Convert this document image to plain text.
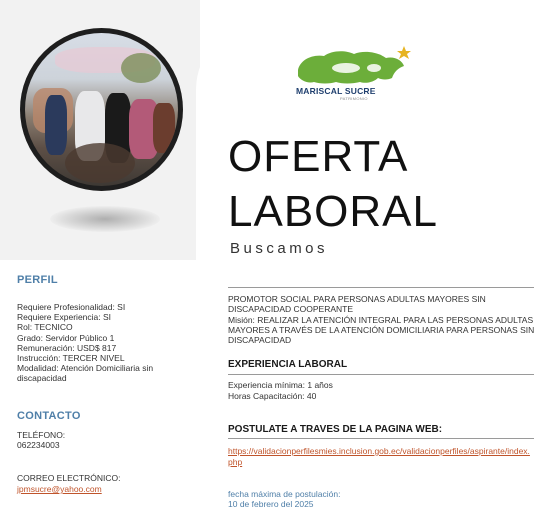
PERFIL
Requiere Profesionalidad: SI
Requiere Experiencia: SI
Rol: TECNICO
Grado: Servidor Público 1
Remuneración: USD$ 817
Instrucción: TERCER NIVEL
Modalidad: Atención Domiciliaria sin discapacidad
CONTACTO
TELÉFONO:
062234003
CORREO ELECTRÓNICO:
jpmsucre@yahoo.com
MARISCAL SUCRE
PATRIMONIO
OFERTA
LABORAL
Buscamos
PROMOTOR SOCIAL PARA PERSONAS ADULTAS MAYORES SIN DISCAPACIDAD COOPERANTE
Misión: REALIZAR LA ATENCIÓN INTEGRAL PARA LAS PERSONAS ADULTAS MAYORES A TRAVÉS DE LA ATENCIÓN DOMICILIARIA PARA PERSONAS SIN DISCAPACIDAD
EXPERIENCIA LABORAL
Experiencia mínima: 1 años
Horas Capacitación: 40
POSTULATE A TRAVES DE LA PAGINA WEB:
https://validacionperfilesmies.inclusion.gob.ec/validacionperfiles/aspirante/index.php
fecha máxima de postulación:
10 de febrero del 2025
